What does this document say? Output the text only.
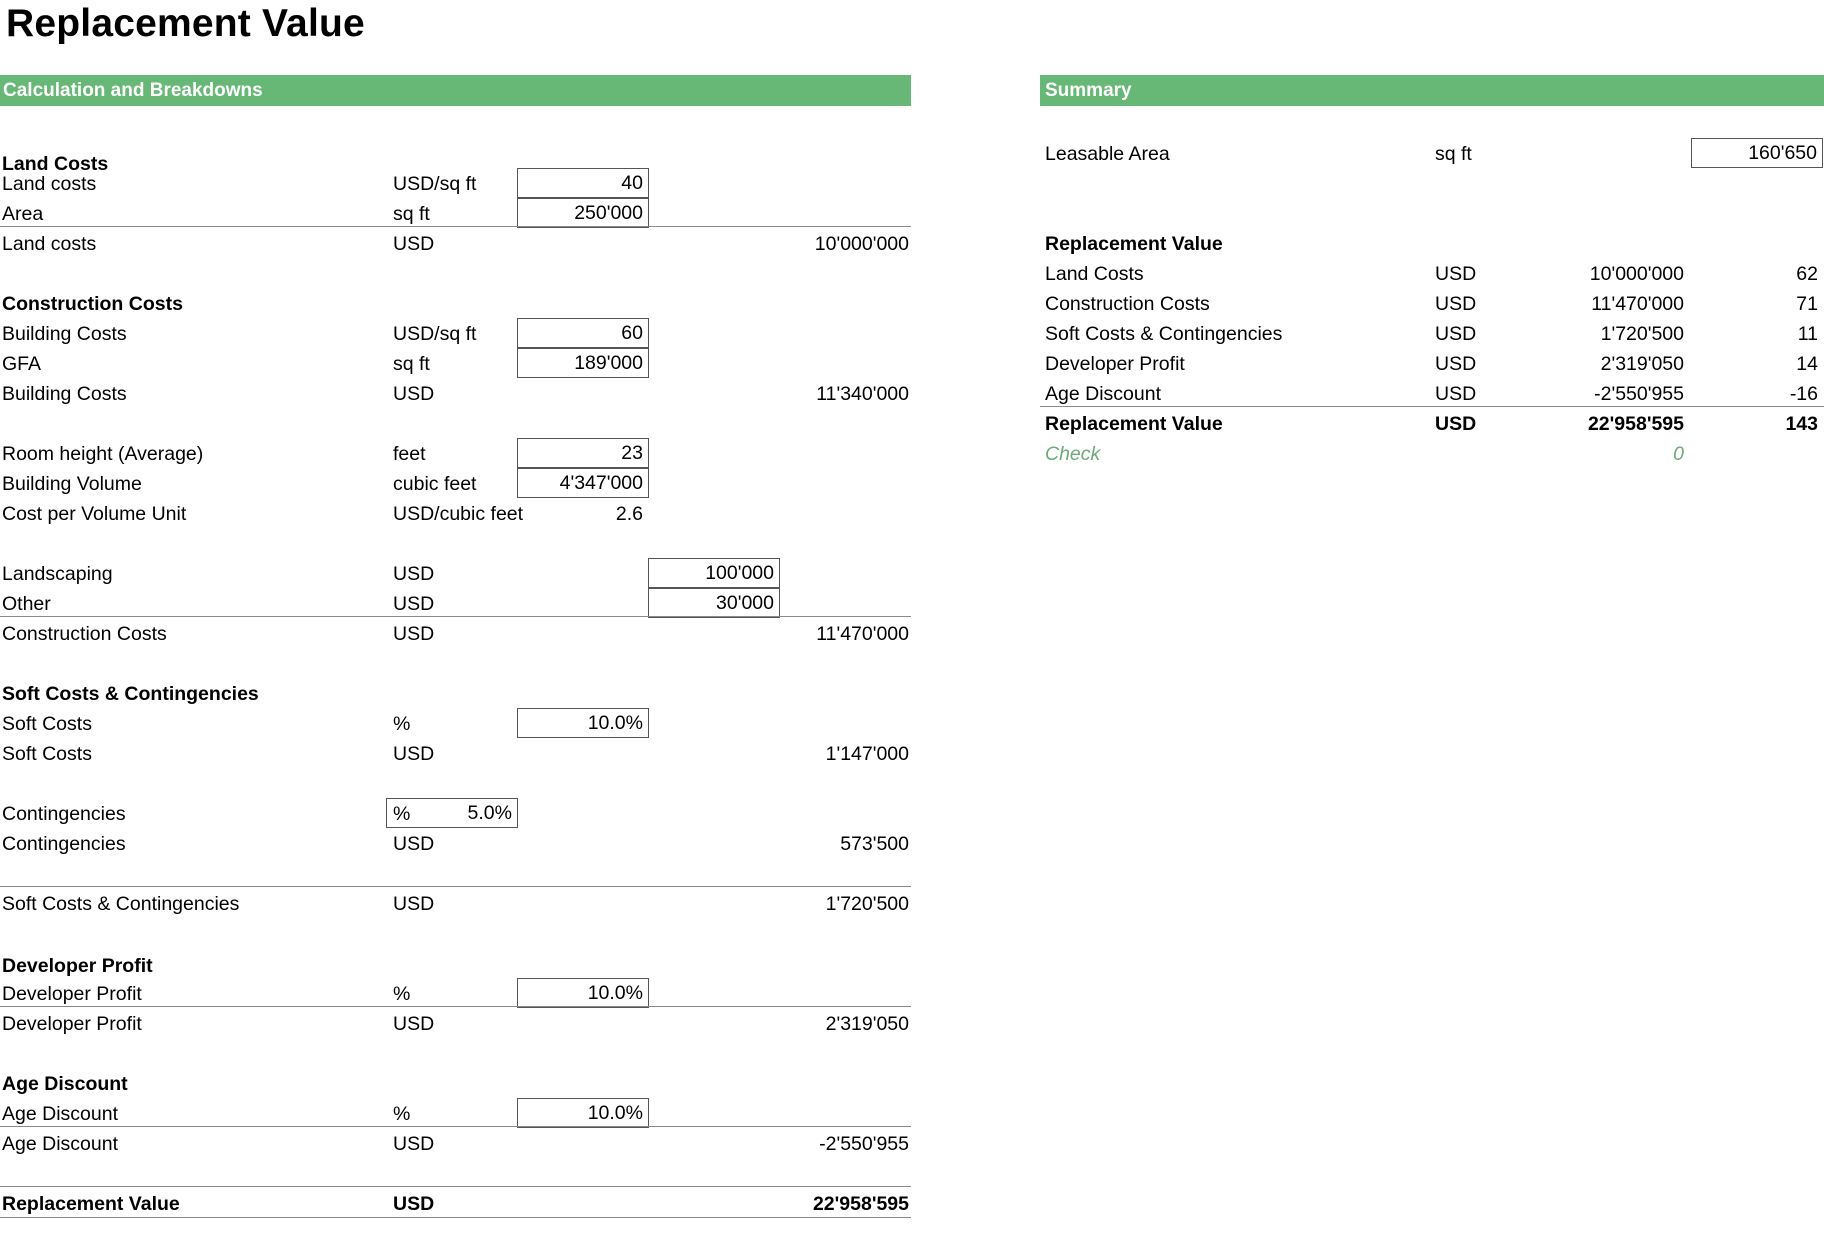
Replacement Value
Calculation and Breakdowns	Summary
Land Costs
Land costs	USD/sq ft	40
Area	sq ft	250'000
Land costs	USD	10'000'000
Construction Costs
Building Costs	USD/sq ft	60
GFA	sq ft	189'000
Building Costs	USD	11'340'000
Room height (Average)	feet	23
Building Volume	cubic feet	4'347'000
Cost per Volume Unit	USD/cubic feet	2.6
Landscaping	USD	100'000
Other	USD	30'000
Construction Costs	USD	11'470'000
Soft Costs & Contingencies
Soft Costs	%	10.0%
Soft Costs	USD	1'147'000
Contingencies	%	5.0%
Contingencies	USD	573'500
Soft Costs & Contingencies	USD	1'720'500
Developer Profit
Developer Profit	%	10.0%
Developer Profit	USD	2'319'050
Age Discount
Age Discount	%	10.0%
Age Discount	USD	-2'550'955
Replacement Value	USD	22'958'595
Leasable Area	sq ft	160'650
Replacement Value
Land Costs	USD	10'000'000	62
Construction Costs	USD	11'470'000	71
Soft Costs & Contingencies	USD	1'720'500	11
Developer Profit	USD	2'319'050	14
Age Discount	USD	-2'550'955	-16
Replacement Value	USD	22'958'595	143
Check	0
